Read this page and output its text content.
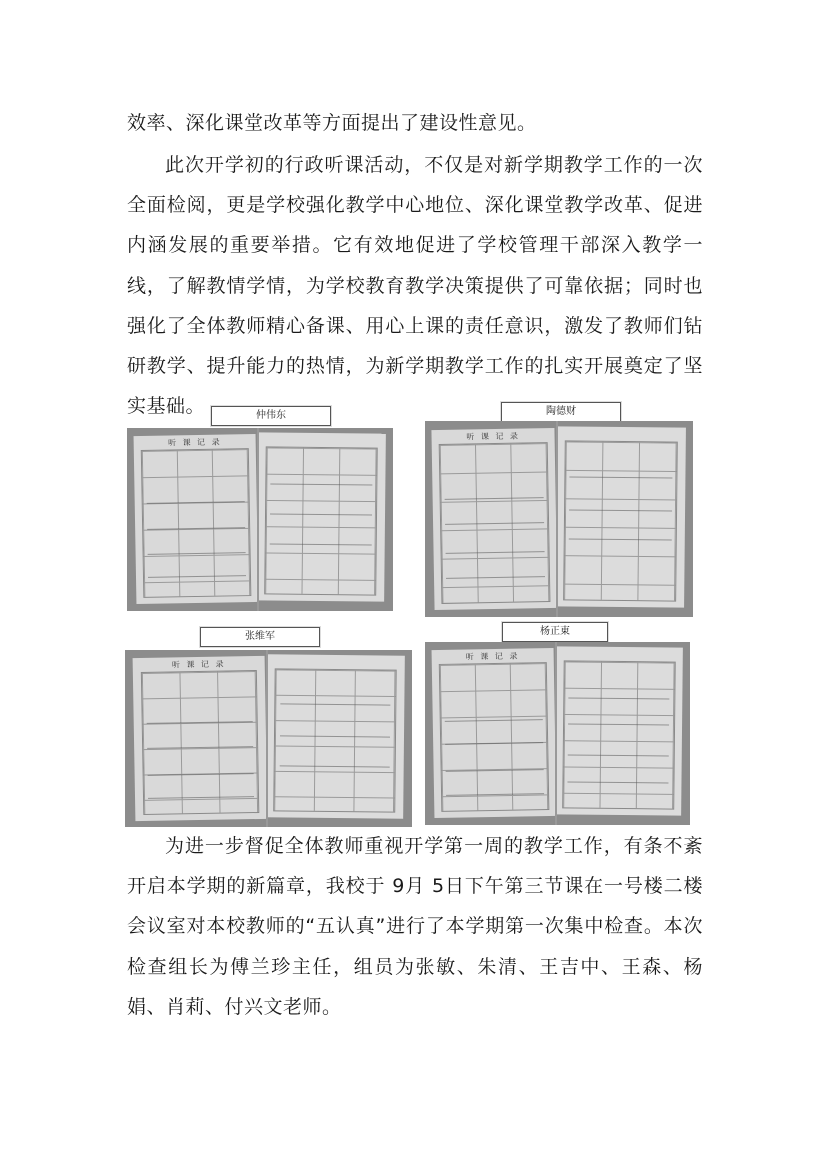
效率、深化课堂改革等方面提出了建设性意见。

此次开学初的行政听课活动，不仅是对新学期教学工作的一次全面检阅，更是学校强化教学中心地位、深化课堂教学改革、促进内涵发展的重要举措。它有效地促进了学校管理干部深入教学一线，了解教情学情，为学校教育教学决策提供了可靠依据；同时也强化了全体教师精心备课、用心上课的责任意识，激发了教师们钻研教学、提升能力的热情，为新学期教学工作的扎实开展奠定了坚实基础。	仲伟东
听 课 记 录
陶德财
听 课 记 录
张维军
听 课 记 录
杨正東
听 课 记 录

为进一步督促全体教师重视开学第一周的教学工作，有条不紊开启本学期的新篇章，我校于 9月 5日下午第三节课在一号楼二楼会议室对本校教师的“五认真”进行了本学期第一次集中检查。本次检查组长为傅兰珍主任，组员为张敏、朱清、王吉中、王森、杨娟、肖莉、付兴文老师。
